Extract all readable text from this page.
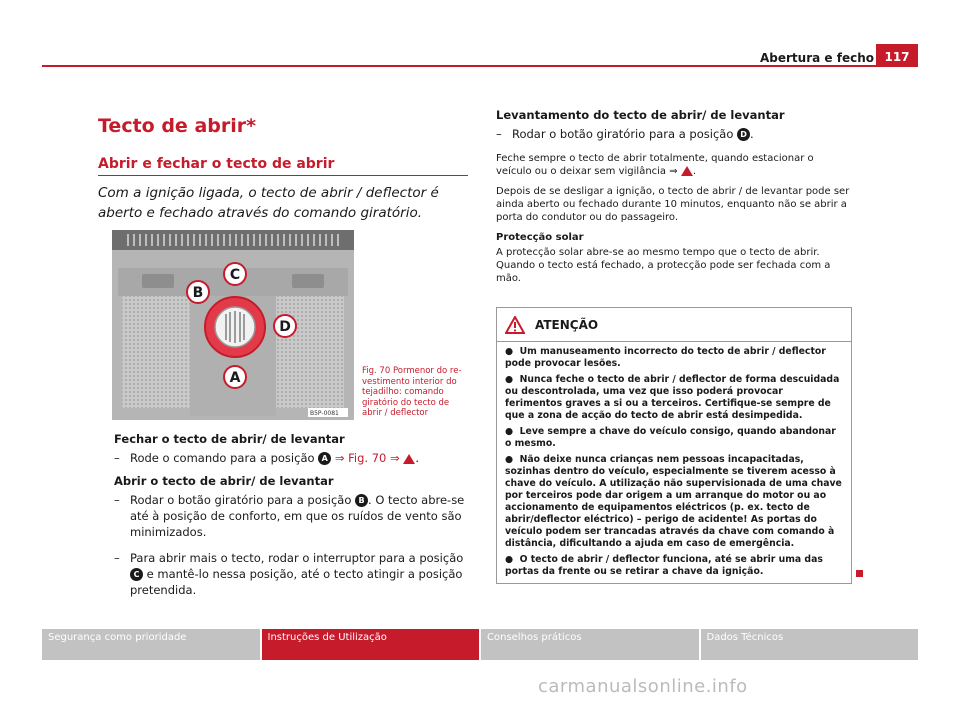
Abertura e fecho 117
Tecto de abrir*
Abrir e fechar o tecto de abrir
Com a ignição ligada, o tecto de abrir / deflector é aberto e fechado através do comando giratório.
B5P-0081
A
B
C
D
Fig. 70 Pormenor do revestimento interior do tejadilho: comando giratório do tecto de abrir / deflector
Fechar o tecto de abrir/ de levantar
– Rode o comando para a posição A ⇒ Fig. 70 ⇒ .
Abrir o tecto de abrir/ de levantar
– Rodar o botão giratório para a posição B . O tecto abre-se até à posição de conforto, em que os ruídos de vento são minimizados.
– Para abrir mais o tecto, rodar o interruptor para a posição C e mantê-lo nessa posição, até o tecto atingir a posição pretendida.
Levantamento do tecto de abrir/ de levantar
– Rodar o botão giratório para a posição D .
Feche sempre o tecto de abrir totalmente, quando estacionar o veículo ou o deixar sem vigilância ⇒ .
Depois de se desligar a ignição, o tecto de abrir / de levantar pode ser ainda aberto ou fechado durante 10 minutos, enquanto não se abrir a porta do condutor ou do passageiro.
Protecção solar
A protecção solar abre-se ao mesmo tempo que o tecto de abrir. Quando o tecto está fechado, a protecção pode ser fechada com a mão.
ATENÇÃO
●  Um manuseamento incorrecto do tecto de abrir / deflector pode provocar lesões.
●  Nunca feche o tecto de abrir / deflector de forma descuidada ou descontrolada, uma vez que isso poderá provocar ferimentos graves a si ou a terceiros. Certifique-se sempre de que a zona de acção do tecto de abrir está desimpedida.
●  Leve sempre a chave do veículo consigo, quando abandonar o mesmo.
●  Não deixe nunca crianças nem pessoas incapacitadas, sozinhas dentro do veículo, especialmente se tiverem acesso à chave do veículo. A utilização não supervisionada de uma chave por terceiros pode dar origem a um arranque do motor ou ao accionamento de equipamentos eléctricos (p. ex. tecto de abrir/deflector eléctrico) – perigo de acidente! As portas do veículo podem ser trancadas através da chave com comando à distância, dificultando a ajuda em caso de emergência.
●  O tecto de abrir / deflector funciona, até se abrir uma das portas da frente ou se retirar a chave da ignição.
Segurança como prioridade	Instruções de Utilização	Conselhos práticos	Dados Técnicos
carmanualsonline.info
